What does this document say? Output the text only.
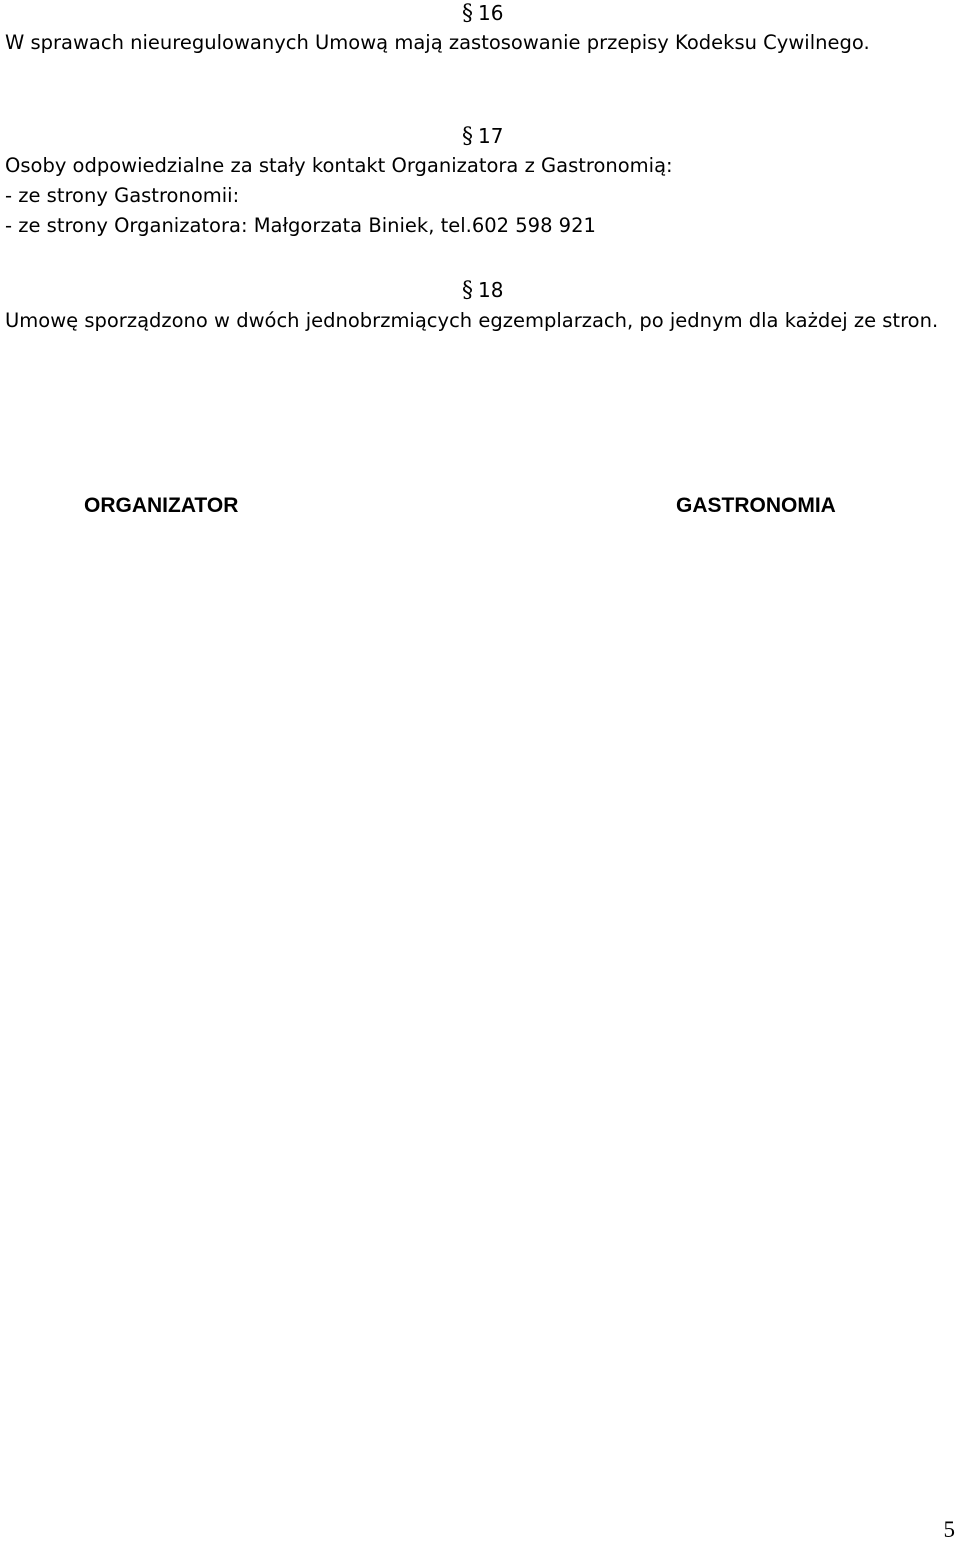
§ 16
W sprawach nieuregulowanych Umową mają zastosowanie przepisy Kodeksu Cywilnego.
§ 17
Osoby odpowiedzialne za stały kontakt Organizatora z Gastronomią:
- ze strony Gastronomii:
- ze strony Organizatora: Małgorzata Biniek, tel.602 598 921
§ 18
Umowę sporządzono w dwóch jednobrzmiących egzemplarzach, po jednym dla każdej ze stron.
ORGANIZATOR	GASTRONOMIA
5
